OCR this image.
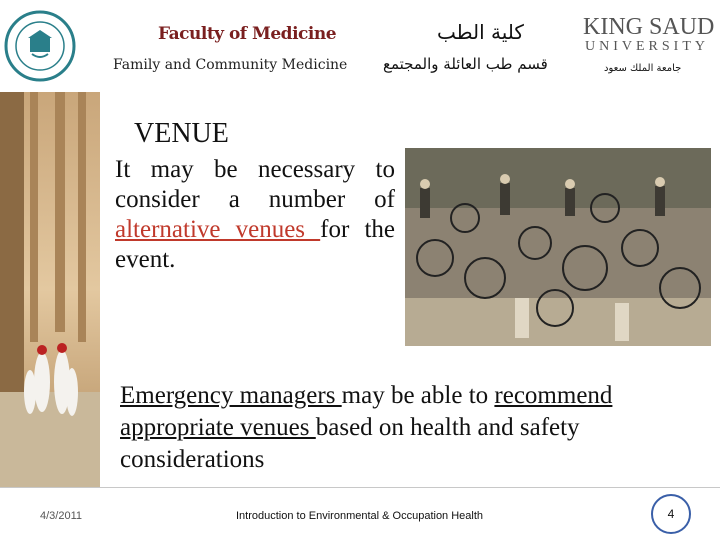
Faculty of Medicine
Family and Community Medicine
كلية الطب
قسم طب العائلة والمجتمع
KING SAUD
UNIVERSITY
جامعة الملك سعود
VENUE
It may be necessary to consider a number of alternative venues for the event.
Emergency managers may be able to recommend appropriate venues based on health and safety considerations
4/3/2011	Introduction to Environmental & Occupation Health	4
